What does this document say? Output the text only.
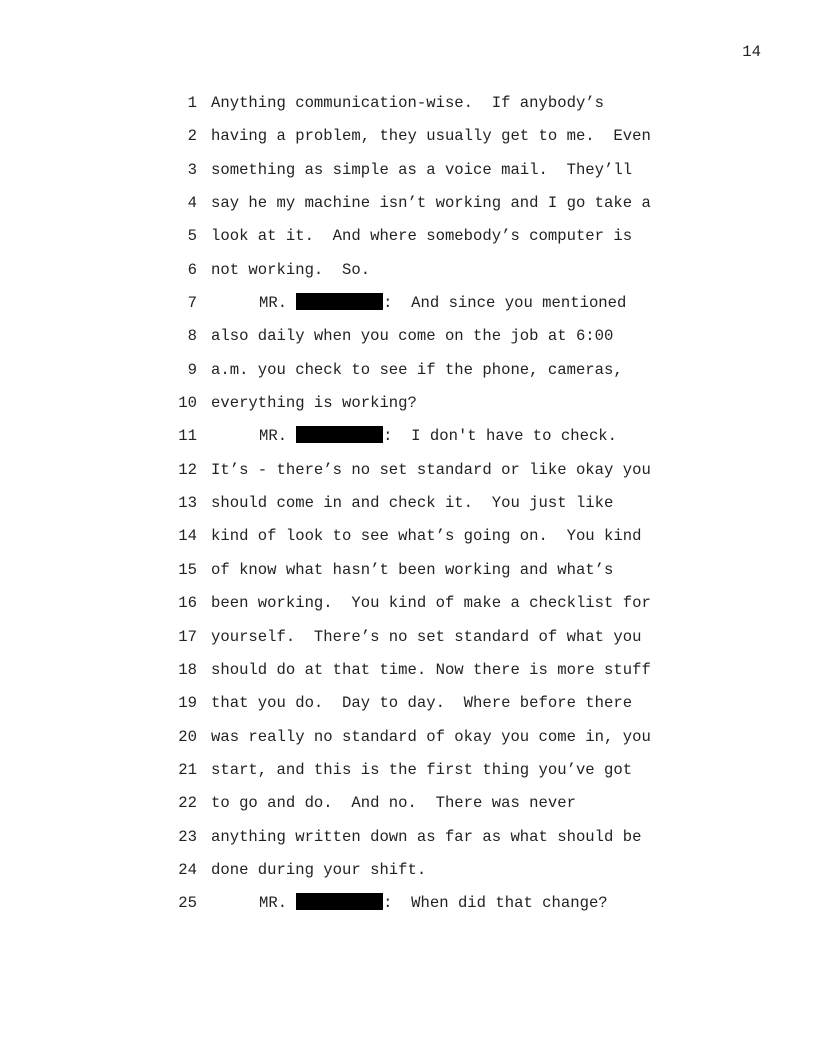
14
1 Anything communication-wise.  If anybody’s
2 having a problem, they usually get to me.  Even
3 something as simple as a voice mail.  They’ll
4 say he my machine isn’t working and I go take a
5 look at it.  And where somebody’s computer is
6 not working.  So.
7	MR.	:  And since you mentioned
8 also daily when you come on the job at 6:00
9 a.m. you check to see if the phone, cameras,
10 everything is working?
11	MR.	:  I don't have to check.
12 It’s - there’s no set standard or like okay you
13 should come in and check it.  You just like
14 kind of look to see what’s going on.  You kind
15 of know what hasn’t been working and what’s
16 been working.  You kind of make a checklist for
17 yourself.  There’s no set standard of what you
18 should do at that time. Now there is more stuff
19 that you do.  Day to day.  Where before there
20 was really no standard of okay you come in, you
21 start, and this is the first thing you’ve got
22 to go and do.  And no.  There was never
23 anything written down as far as what should be
24 done during your shift.
25	MR.	:  When did that change?
